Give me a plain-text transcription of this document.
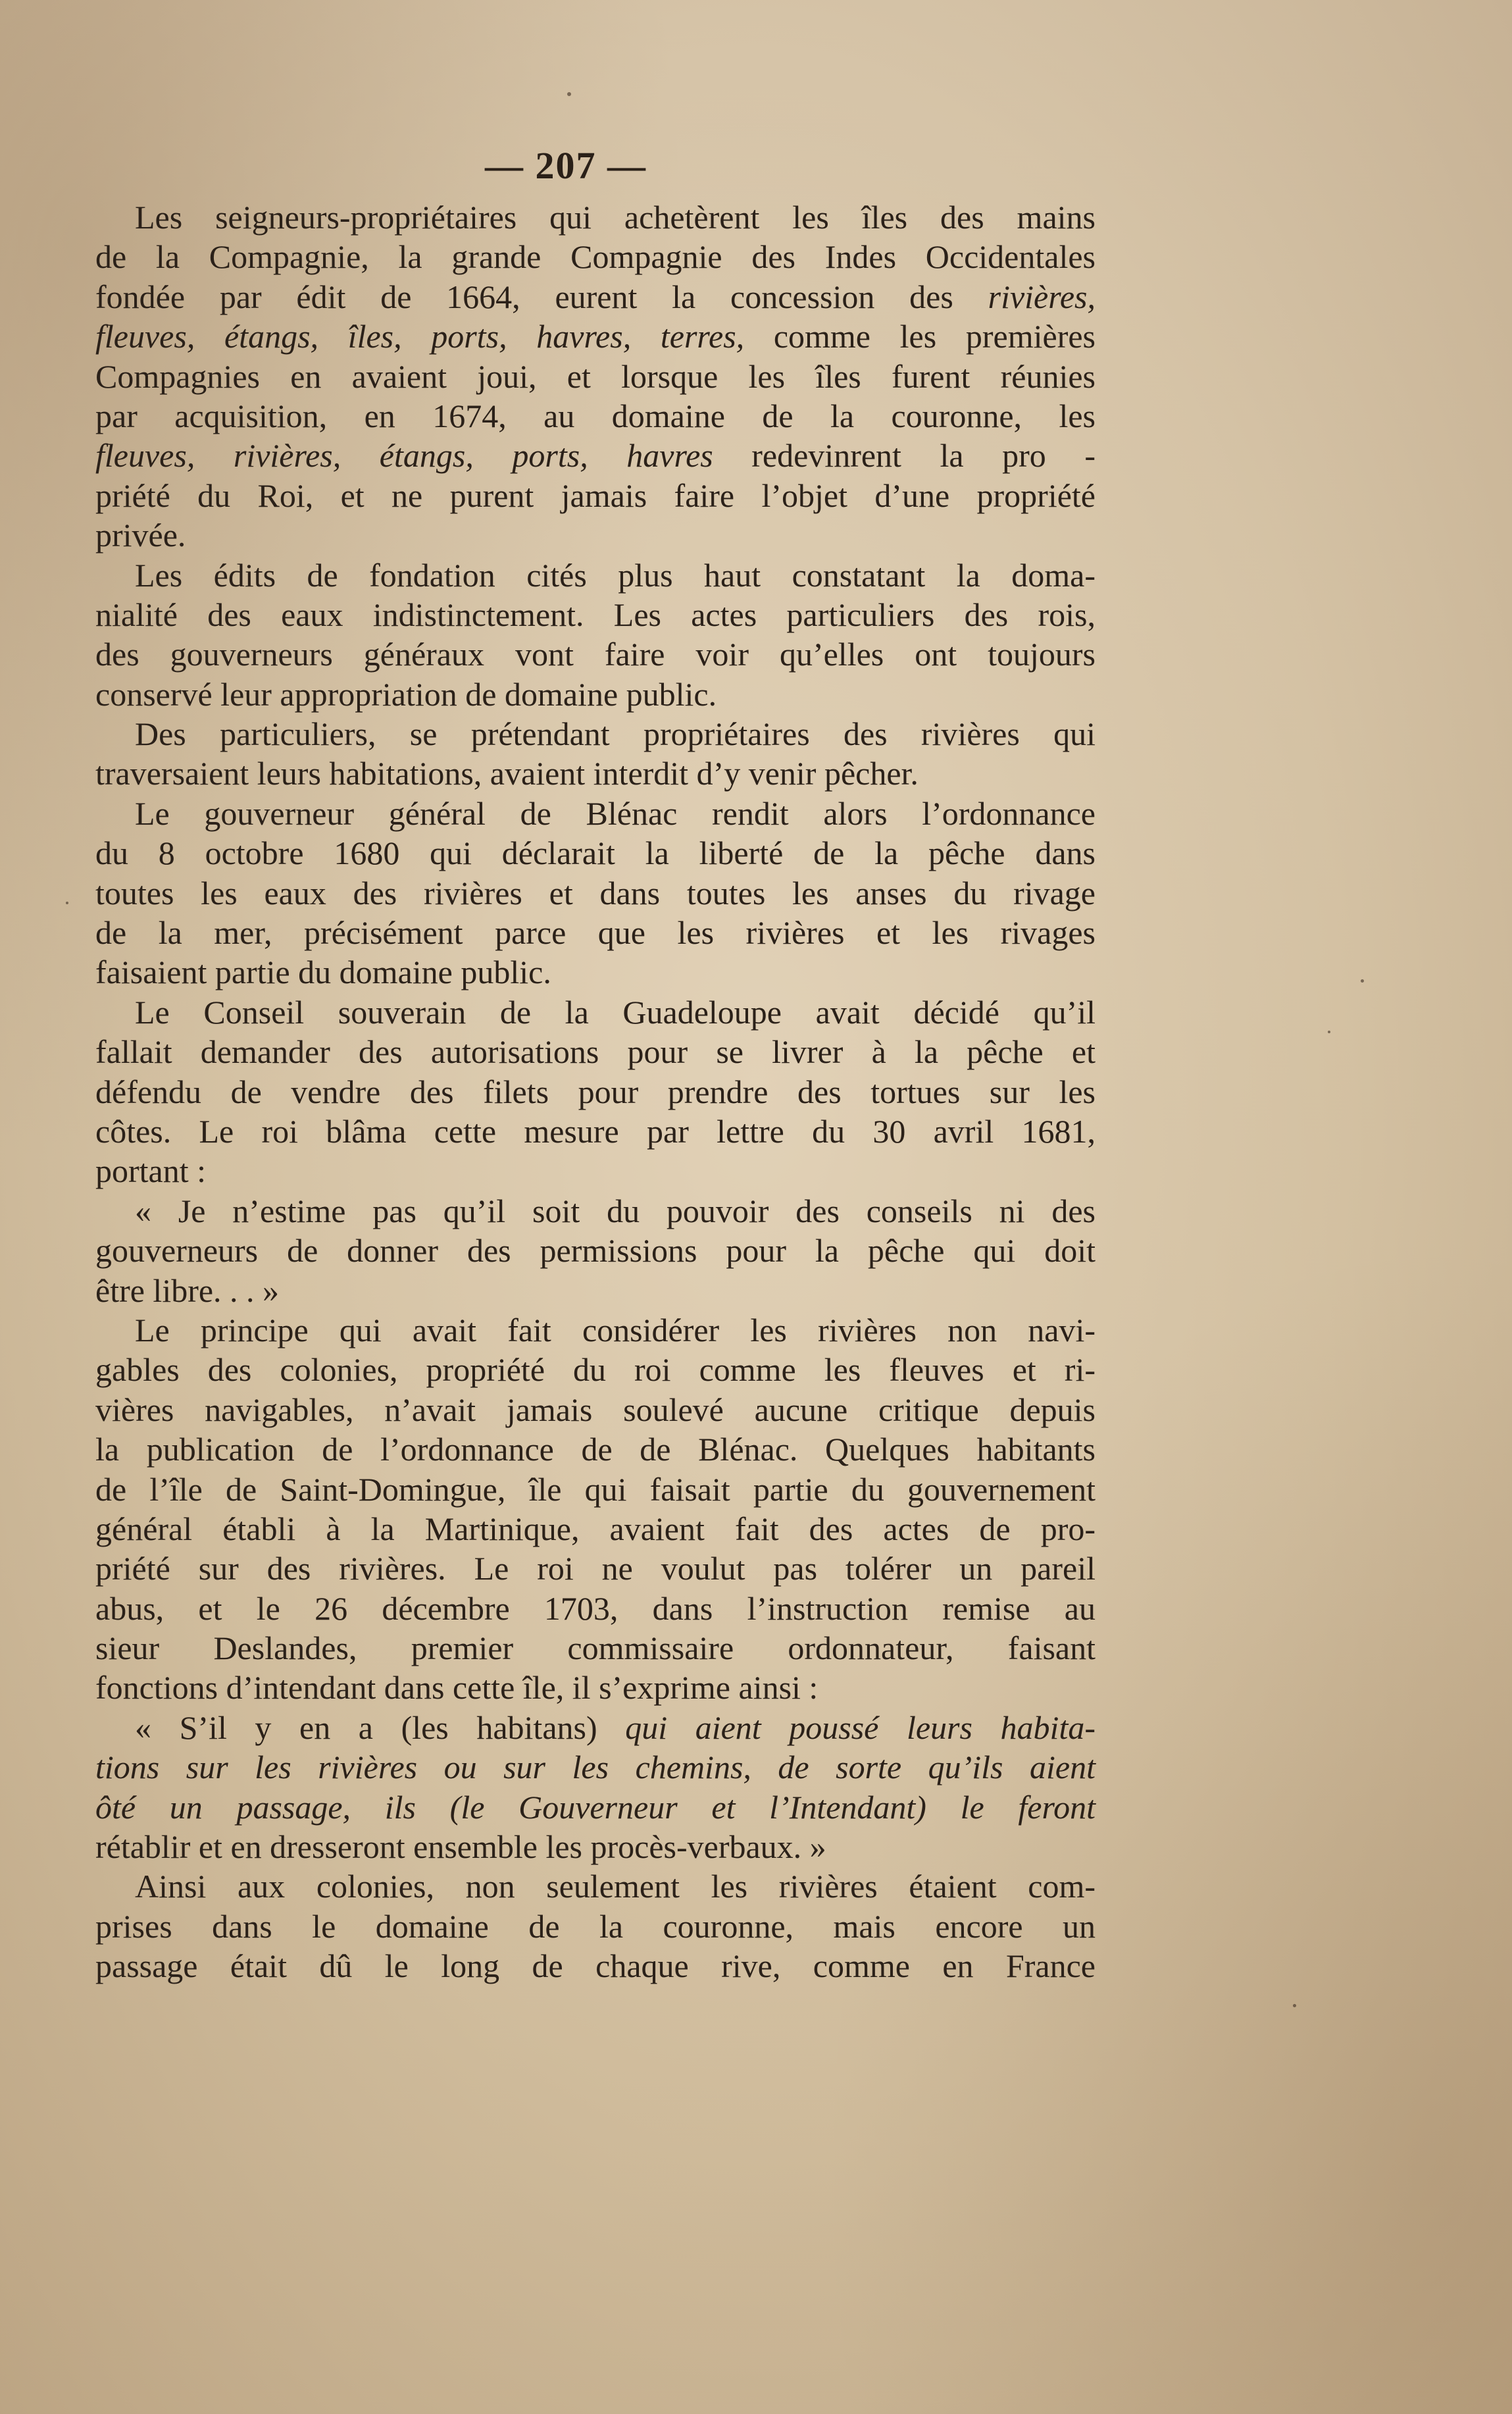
— 207 —
Les seigneurs-propriétaires qui achetèrent les îles des mains
de la Compagnie, la grande Compagnie des Indes Occidentales
fondée par édit de 1664, eurent la concession des rivières,
fleuves, étangs, îles, ports, havres, terres, comme les premières
Compagnies en avaient joui, et lorsque les îles furent réunies
par acquisition, en 1674, au domaine de la couronne, les
fleuves, rivières, étangs, ports, havres redevinrent la pro -
priété du Roi, et ne purent jamais faire l’objet d’une propriété
privée.
Les édits de fondation cités plus haut constatant la doma-
nialité des eaux indistinctement. Les actes particuliers des rois,
des gouverneurs généraux vont faire voir qu’elles ont toujours
conservé leur appropriation de domaine public.
Des particuliers, se prétendant propriétaires des rivières qui
traversaient leurs habitations, avaient interdit d’y venir pêcher.
Le gouverneur général de Blénac rendit alors l’ordonnance
du 8 octobre 1680 qui déclarait la liberté de la pêche dans
toutes les eaux des rivières et dans toutes les anses du rivage
de la mer, précisément parce que les rivières et les rivages
faisaient partie du domaine public.
Le Conseil souverain de la Guadeloupe avait décidé qu’il
fallait demander des autorisations pour se livrer à la pêche et
défendu de vendre des filets pour prendre des tortues sur les
côtes. Le roi blâma cette mesure par lettre du 30 avril 1681,
portant :
« Je n’estime pas qu’il soit du pouvoir des conseils ni des
gouverneurs de donner des permissions pour la pêche qui doit
être libre. . . »
Le principe qui avait fait considérer les rivières non navi-
gables des colonies, propriété du roi comme les fleuves et ri-
vières navigables, n’avait jamais soulevé aucune critique depuis
la publication de l’ordonnance de de Blénac. Quelques habitants
de l’île de Saint-Domingue, île qui faisait partie du gouvernement
général établi à la Martinique, avaient fait des actes de pro-
priété sur des rivières. Le roi ne voulut pas tolérer un pareil
abus, et le 26 décembre 1703, dans l’instruction remise au
sieur Deslandes, premier commissaire ordonnateur, faisant
fonctions d’intendant dans cette île, il s’exprime ainsi :
« S’il y en a (les habitans) qui aient poussé leurs habita-
tions sur les rivières ou sur les chemins, de sorte qu’ils aient
ôté un passage, ils (le Gouverneur et l’Intendant) le feront
rétablir et en dresseront ensemble les procès-verbaux. »
Ainsi aux colonies, non seulement les rivières étaient com-
prises dans le domaine de la couronne, mais encore un
passage était dû le long de chaque rive, comme en France
